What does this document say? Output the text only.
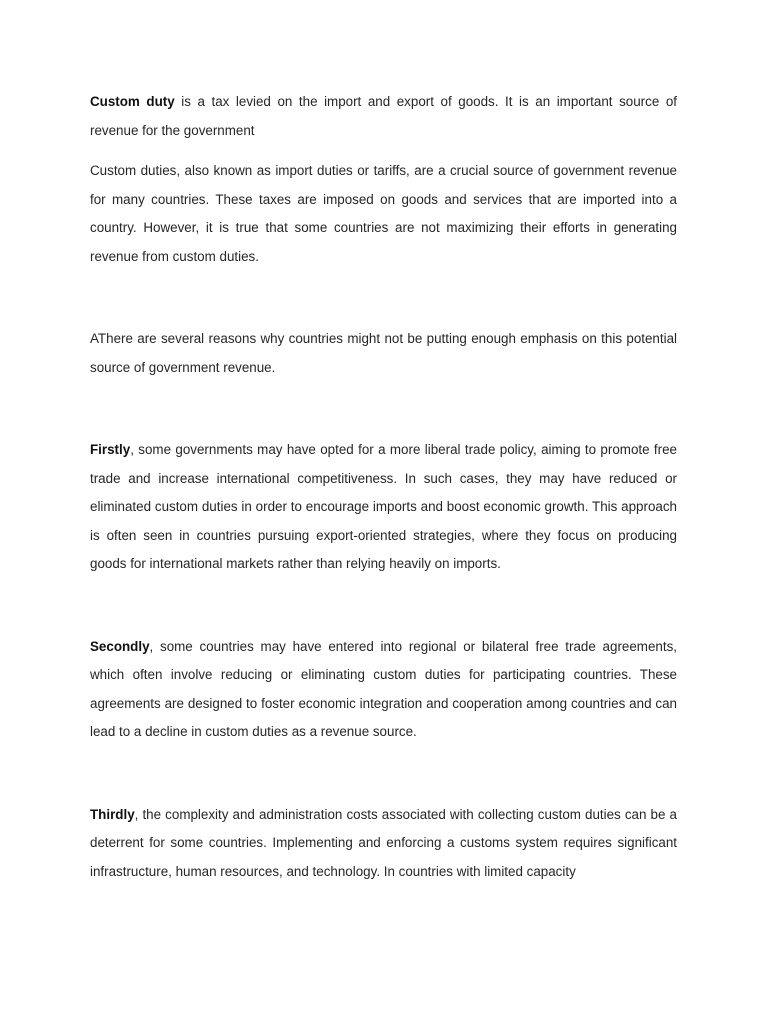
Custom duty is a tax levied on the import and export of goods. It is an important source of revenue for the government

Custom duties, also known as import duties or tariffs, are a crucial source of government revenue for many countries. These taxes are imposed on goods and services that are imported into a country. However, it is true that some countries are not maximizing their efforts in generating revenue from custom duties.

AThere are several reasons why countries might not be putting enough emphasis on this potential source of government revenue.

Firstly, some governments may have opted for a more liberal trade policy, aiming to promote free trade and increase international competitiveness. In such cases, they may have reduced or eliminated custom duties in order to encourage imports and boost economic growth. This approach is often seen in countries pursuing export-oriented strategies, where they focus on producing goods for international markets rather than relying heavily on imports.

Secondly, some countries may have entered into regional or bilateral free trade agreements, which often involve reducing or eliminating custom duties for participating countries. These agreements are designed to foster economic integration and cooperation among countries and can lead to a decline in custom duties as a revenue source.

Thirdly, the complexity and administration costs associated with collecting custom duties can be a deterrent for some countries. Implementing and enforcing a customs system requires significant infrastructure, human resources, and technology. In countries with limited capacity
